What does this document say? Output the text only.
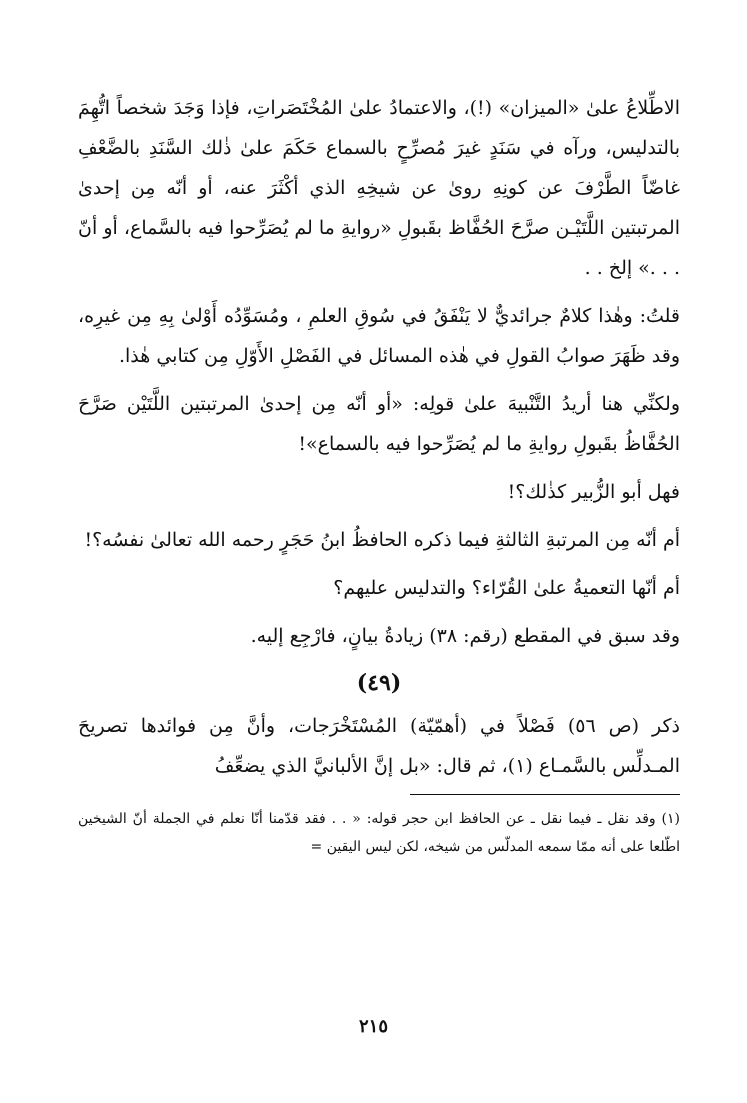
الاطِّلاعُ علىٰ «الميزان» (!)، والاعتمادُ علىٰ المُخْتَصَراتِ، فإذا وَجَدَ شخصاً اتُّهِمَ بالتدليس، ورآه في سَنَدٍ غيرَ مُصرِّحٍ بالسماع حَكَمَ علىٰ ذٰلك السَّنَدِ بالضَّعْفِ غاضّاً الطَّرْفَ عن كونِهِ روىٰ عن شيخِهِ الذي أكْثَرَ عنه، أو أنّه مِن إحدىٰ المرتبتين اللَّتَيْـن صرَّحَ الحُفَّاظ بقَبولِ «روايةِ ما لم يُصَرِّحوا فيه بالسَّماع، أو أنّ . . .» إلخ . .

قلتُ: وهٰذا كلامٌ جرائديٌّ لا يَنْفَقُ في سُوقِ العلمِ ، ومُسَوِّدُه أَوْلىٰ بِهِ مِن غيرِه، وقد ظَهَرَ صوابُ القولِ في هٰذه المسائل في الفَصْلِ الأَوّلِ مِن كتابي هٰذا.

ولكنِّي هنا أريدُ التَّنْبيهَ علىٰ قولِه: «أو أنّه مِن إحدىٰ المرتبتين اللَّتَيْن صَرَّحَ الحُفَّاظُ بقَبولِ روايةِ ما لم يُصَرِّحوا فيه بالسماع»!

فهل أبو الزُّبير كذٰلك؟!

أم أنّه مِن المرتبةِ الثالثةِ فيما ذكره الحافظُ ابنُ حَجَرٍ رحمه الله تعالىٰ نفسُه؟!

أم أنّها التعميةُ علىٰ القُرّاء؟ والتدليس عليهم؟

وقد سبق في المقطع (رقم: ٣٨) زيادةُ بيانٍ، فارْجِع إليه.

(٤٩)

ذكر (ص ٥٦) فَصْلاً في (أهمّيّة) المُسْتَخْرَجات، وأنَّ مِن فوائدها تصريحَ المـدلِّس بالسَّمـاع (١)، ثم قال: «بل إنَّ الألبانيَّ الذي يضعِّفُ

(١) وقد نقل ـ فيما نقل ـ عن الحافظ ابن حجر قوله: « . . فقد قدّمنا أنّا نعلم في الجملة أنّ الشيخين اطّلعا على أنه ممّا سمعه المدلّس من شيخه، لكن ليس اليقين =

٢١٥
